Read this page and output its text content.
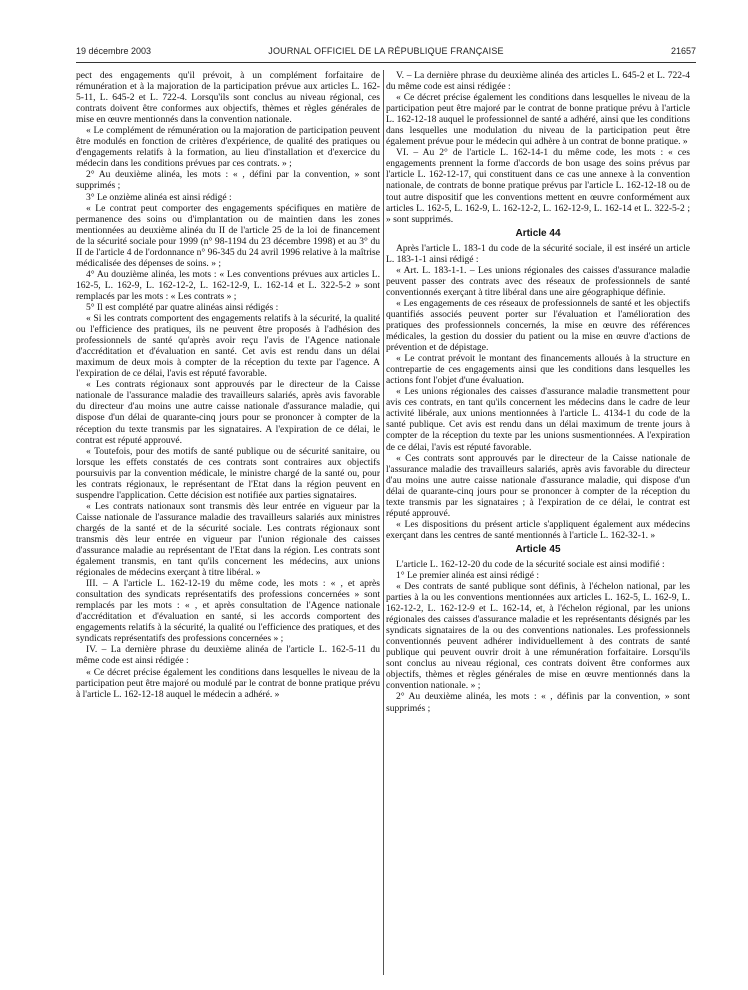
19 décembre 2003	JOURNAL OFFICIEL DE LA RÉPUBLIQUE FRANÇAISE	21657

pect des engagements qu'il prévoit, à un complément forfaitaire de rémunération et à la majoration de la participation prévue aux articles L. 162-5-11, L. 645-2 et L. 722-4. Lorsqu'ils sont conclus au niveau régional, ces contrats doivent être conformes aux objectifs, thèmes et règles générales de mise en œuvre mentionnés dans la convention nationale.

« Le complément de rémunération ou la majoration de participation peuvent être modulés en fonction de critères d'expérience, de qualité des pratiques ou d'engagements relatifs à la formation, au lieu d'installation et d'exercice du médecin dans les conditions prévues par ces contrats. » ;

2° Au deuxième alinéa, les mots : « , défini par la convention, » sont supprimés ;

3° Le onzième alinéa est ainsi rédigé :

« Le contrat peut comporter des engagements spécifiques en matière de permanence des soins ou d'implantation ou de maintien dans les zones mentionnées au deuxième alinéa du II de l'article 25 de la loi de financement de la sécurité sociale pour 1999 (n° 98-1194 du 23 décembre 1998) et au 3° du II de l'article 4 de l'ordonnance n° 96-345 du 24 avril 1996 relative à la maîtrise médicalisée des dépenses de soins. » ;

4° Au douzième alinéa, les mots : « Les conventions prévues aux articles L. 162-5, L. 162-9, L. 162-12-2, L. 162-12-9, L. 162-14 et L. 322-5-2 » sont remplacés par les mots : « Les contrats » ;

5° Il est complété par quatre alinéas ainsi rédigés :

« Si les contrats comportent des engagements relatifs à la sécurité, la qualité ou l'efficience des pratiques, ils ne peuvent être proposés à l'adhésion des professionnels de santé qu'après avoir reçu l'avis de l'Agence nationale d'accréditation et d'évaluation en santé. Cet avis est rendu dans un délai maximum de deux mois à compter de la réception du texte par l'agence. A l'expiration de ce délai, l'avis est réputé favorable.

« Les contrats régionaux sont approuvés par le directeur de la Caisse nationale de l'assurance maladie des travailleurs salariés, après avis favorable du directeur d'au moins une autre caisse nationale d'assurance maladie, qui dispose d'un délai de quarante-cinq jours pour se prononcer à compter de la réception du texte transmis par les signataires. A l'expiration de ce délai, le contrat est réputé approuvé.

« Toutefois, pour des motifs de santé publique ou de sécurité sanitaire, ou lorsque les effets constatés de ces contrats sont contraires aux objectifs poursuivis par la convention médicale, le ministre chargé de la santé ou, pour les contrats régionaux, le représentant de l'Etat dans la région peuvent en suspendre l'application. Cette décision est notifiée aux parties signataires.

« Les contrats nationaux sont transmis dès leur entrée en vigueur par la Caisse nationale de l'assurance maladie des travailleurs salariés aux ministres chargés de la santé et de la sécurité sociale. Les contrats régionaux sont transmis dès leur entrée en vigueur par l'union régionale des caisses d'assurance maladie au représentant de l'Etat dans la région. Les contrats sont également transmis, en tant qu'ils concernent les médecins, aux unions régionales de médecins exerçant à titre libéral. »

III. – A l'article L. 162-12-19 du même code, les mots : « , et après consultation des syndicats représentatifs des professions concernées » sont remplacés par les mots : « , et après consultation de l'Agence nationale d'accréditation et d'évaluation en santé, si les accords comportent des engagements relatifs à la sécurité, la qualité ou l'efficience des pratiques, et des syndicats représentatifs des professions concernées » ;

IV. – La dernière phrase du deuxième alinéa de l'article L. 162-5-11 du même code est ainsi rédigée :

« Ce décret précise également les conditions dans lesquelles le niveau de la participation peut être majoré ou modulé par le contrat de bonne pratique prévu à l'article L. 162-12-18 auquel le médecin a adhéré. »

V. – La dernière phrase du deuxième alinéa des articles L. 645-2 et L. 722-4 du même code est ainsi rédigée :

« Ce décret précise également les conditions dans lesquelles le niveau de la participation peut être majoré par le contrat de bonne pratique prévu à l'article L. 162-12-18 auquel le professionnel de santé a adhéré, ainsi que les conditions dans lesquelles une modulation du niveau de la participation peut être également prévue pour le médecin qui adhère à un contrat de bonne pratique. »

VI. – Au 2° de l'article L. 162-14-1 du même code, les mots : « ces engagements prennent la forme d'accords de bon usage des soins prévus par l'article L. 162-12-17, qui constituent dans ce cas une annexe à la convention nationale, de contrats de bonne pratique prévus par l'article L. 162-12-18 ou de tout autre dispositif que les conventions mettent en œuvre conformément aux articles L. 162-5, L. 162-9, L. 162-12-2, L. 162-12-9, L. 162-14 et L. 322-5-2 ; » sont supprimés.

Article 44

Après l'article L. 183-1 du code de la sécurité sociale, il est inséré un article L. 183-1-1 ainsi rédigé :

« Art. L. 183-1-1. – Les unions régionales des caisses d'assurance maladie peuvent passer des contrats avec des réseaux de professionnels de santé conventionnés exerçant à titre libéral dans une aire géographique définie.

« Les engagements de ces réseaux de professionnels de santé et les objectifs quantifiés associés peuvent porter sur l'évaluation et l'amélioration des pratiques des professionnels concernés, la mise en œuvre des références médicales, la gestion du dossier du patient ou la mise en œuvre d'actions de prévention et de dépistage.

« Le contrat prévoit le montant des financements alloués à la structure en contrepartie de ces engagements ainsi que les conditions dans lesquelles les actions font l'objet d'une évaluation.

« Les unions régionales des caisses d'assurance maladie transmettent pour avis ces contrats, en tant qu'ils concernent les médecins dans le cadre de leur activité libérale, aux unions mentionnées à l'article L. 4134-1 du code de la santé publique. Cet avis est rendu dans un délai maximum de trente jours à compter de la réception du texte par les unions susmentionnées. A l'expiration de ce délai, l'avis est réputé favorable.

« Ces contrats sont approuvés par le directeur de la Caisse nationale de l'assurance maladie des travailleurs salariés, après avis favorable du directeur d'au moins une autre caisse nationale d'assurance maladie, qui dispose d'un délai de quarante-cinq jours pour se prononcer à compter de la réception du texte transmis par les signataires ; à l'expiration de ce délai, le contrat est réputé approuvé.

« Les dispositions du présent article s'appliquent également aux médecins exerçant dans les centres de santé mentionnés à l'article L. 162-32-1. »

Article 45

L'article L. 162-12-20 du code de la sécurité sociale est ainsi modifié :

1° Le premier alinéa est ainsi rédigé :

« Des contrats de santé publique sont définis, à l'échelon national, par les parties à la ou les conventions mentionnées aux articles L. 162-5, L. 162-9, L. 162-12-2, L. 162-12-9 et L. 162-14, et, à l'échelon régional, par les unions régionales des caisses d'assurance maladie et les représentants désignés par les syndicats signataires de la ou des conventions nationales. Les professionnels conventionnés peuvent adhérer individuellement à des contrats de santé publique qui peuvent ouvrir droit à une rémunération forfaitaire. Lorsqu'ils sont conclus au niveau régional, ces contrats doivent être conformes aux objectifs, thèmes et règles générales de mise en œuvre mentionnés dans la convention nationale. » ;

2° Au deuxième alinéa, les mots : « , définis par la convention, » sont supprimés ;
